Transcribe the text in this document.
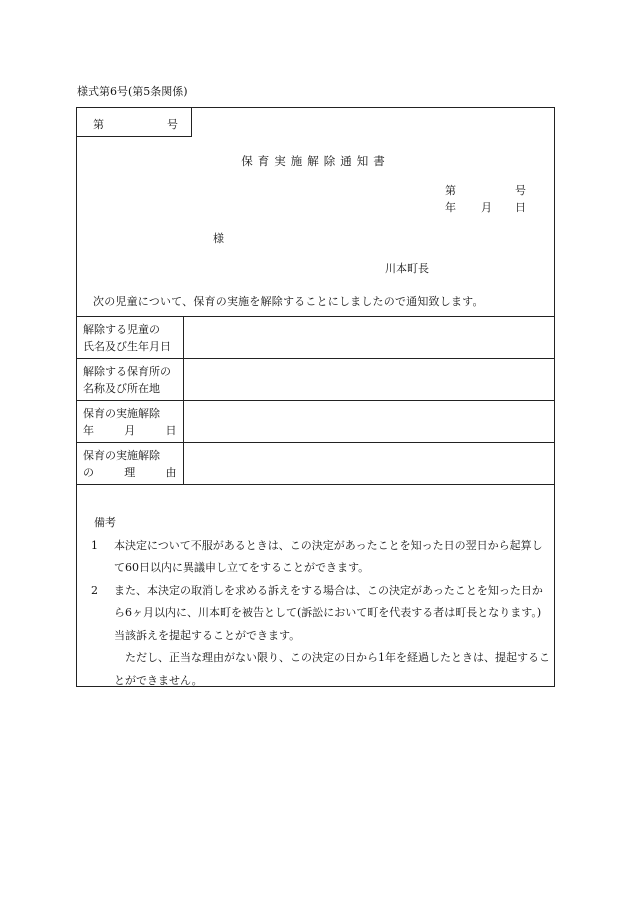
様式第6号(第5条関係)
第	号
保育実施解除通知書
第	号
年 月 日
様
川本町長
次の児童について、保育の実施を解除することにしましたので通知致します。
解除する児童の
氏名及び生年月日	

解除する保育所の
名称及び所在地	

保育の実施解除
年 月 日	

保育の実施解除
の 理 由	

備考
1	本決定について不服があるときは、この決定があったことを知った日の翌日から起算して60日以内に異議申し立てをすることができます。
2	また、本決定の取消しを求める訴えをする場合は、この決定があったことを知った日から6ヶ月以内に、川本町を被告として(訴訟において町を代表する者は町長となります。)当該訴えを提起することができます。
ただし、正当な理由がない限り、この決定の日から1年を経過したときは、提起することができません。
